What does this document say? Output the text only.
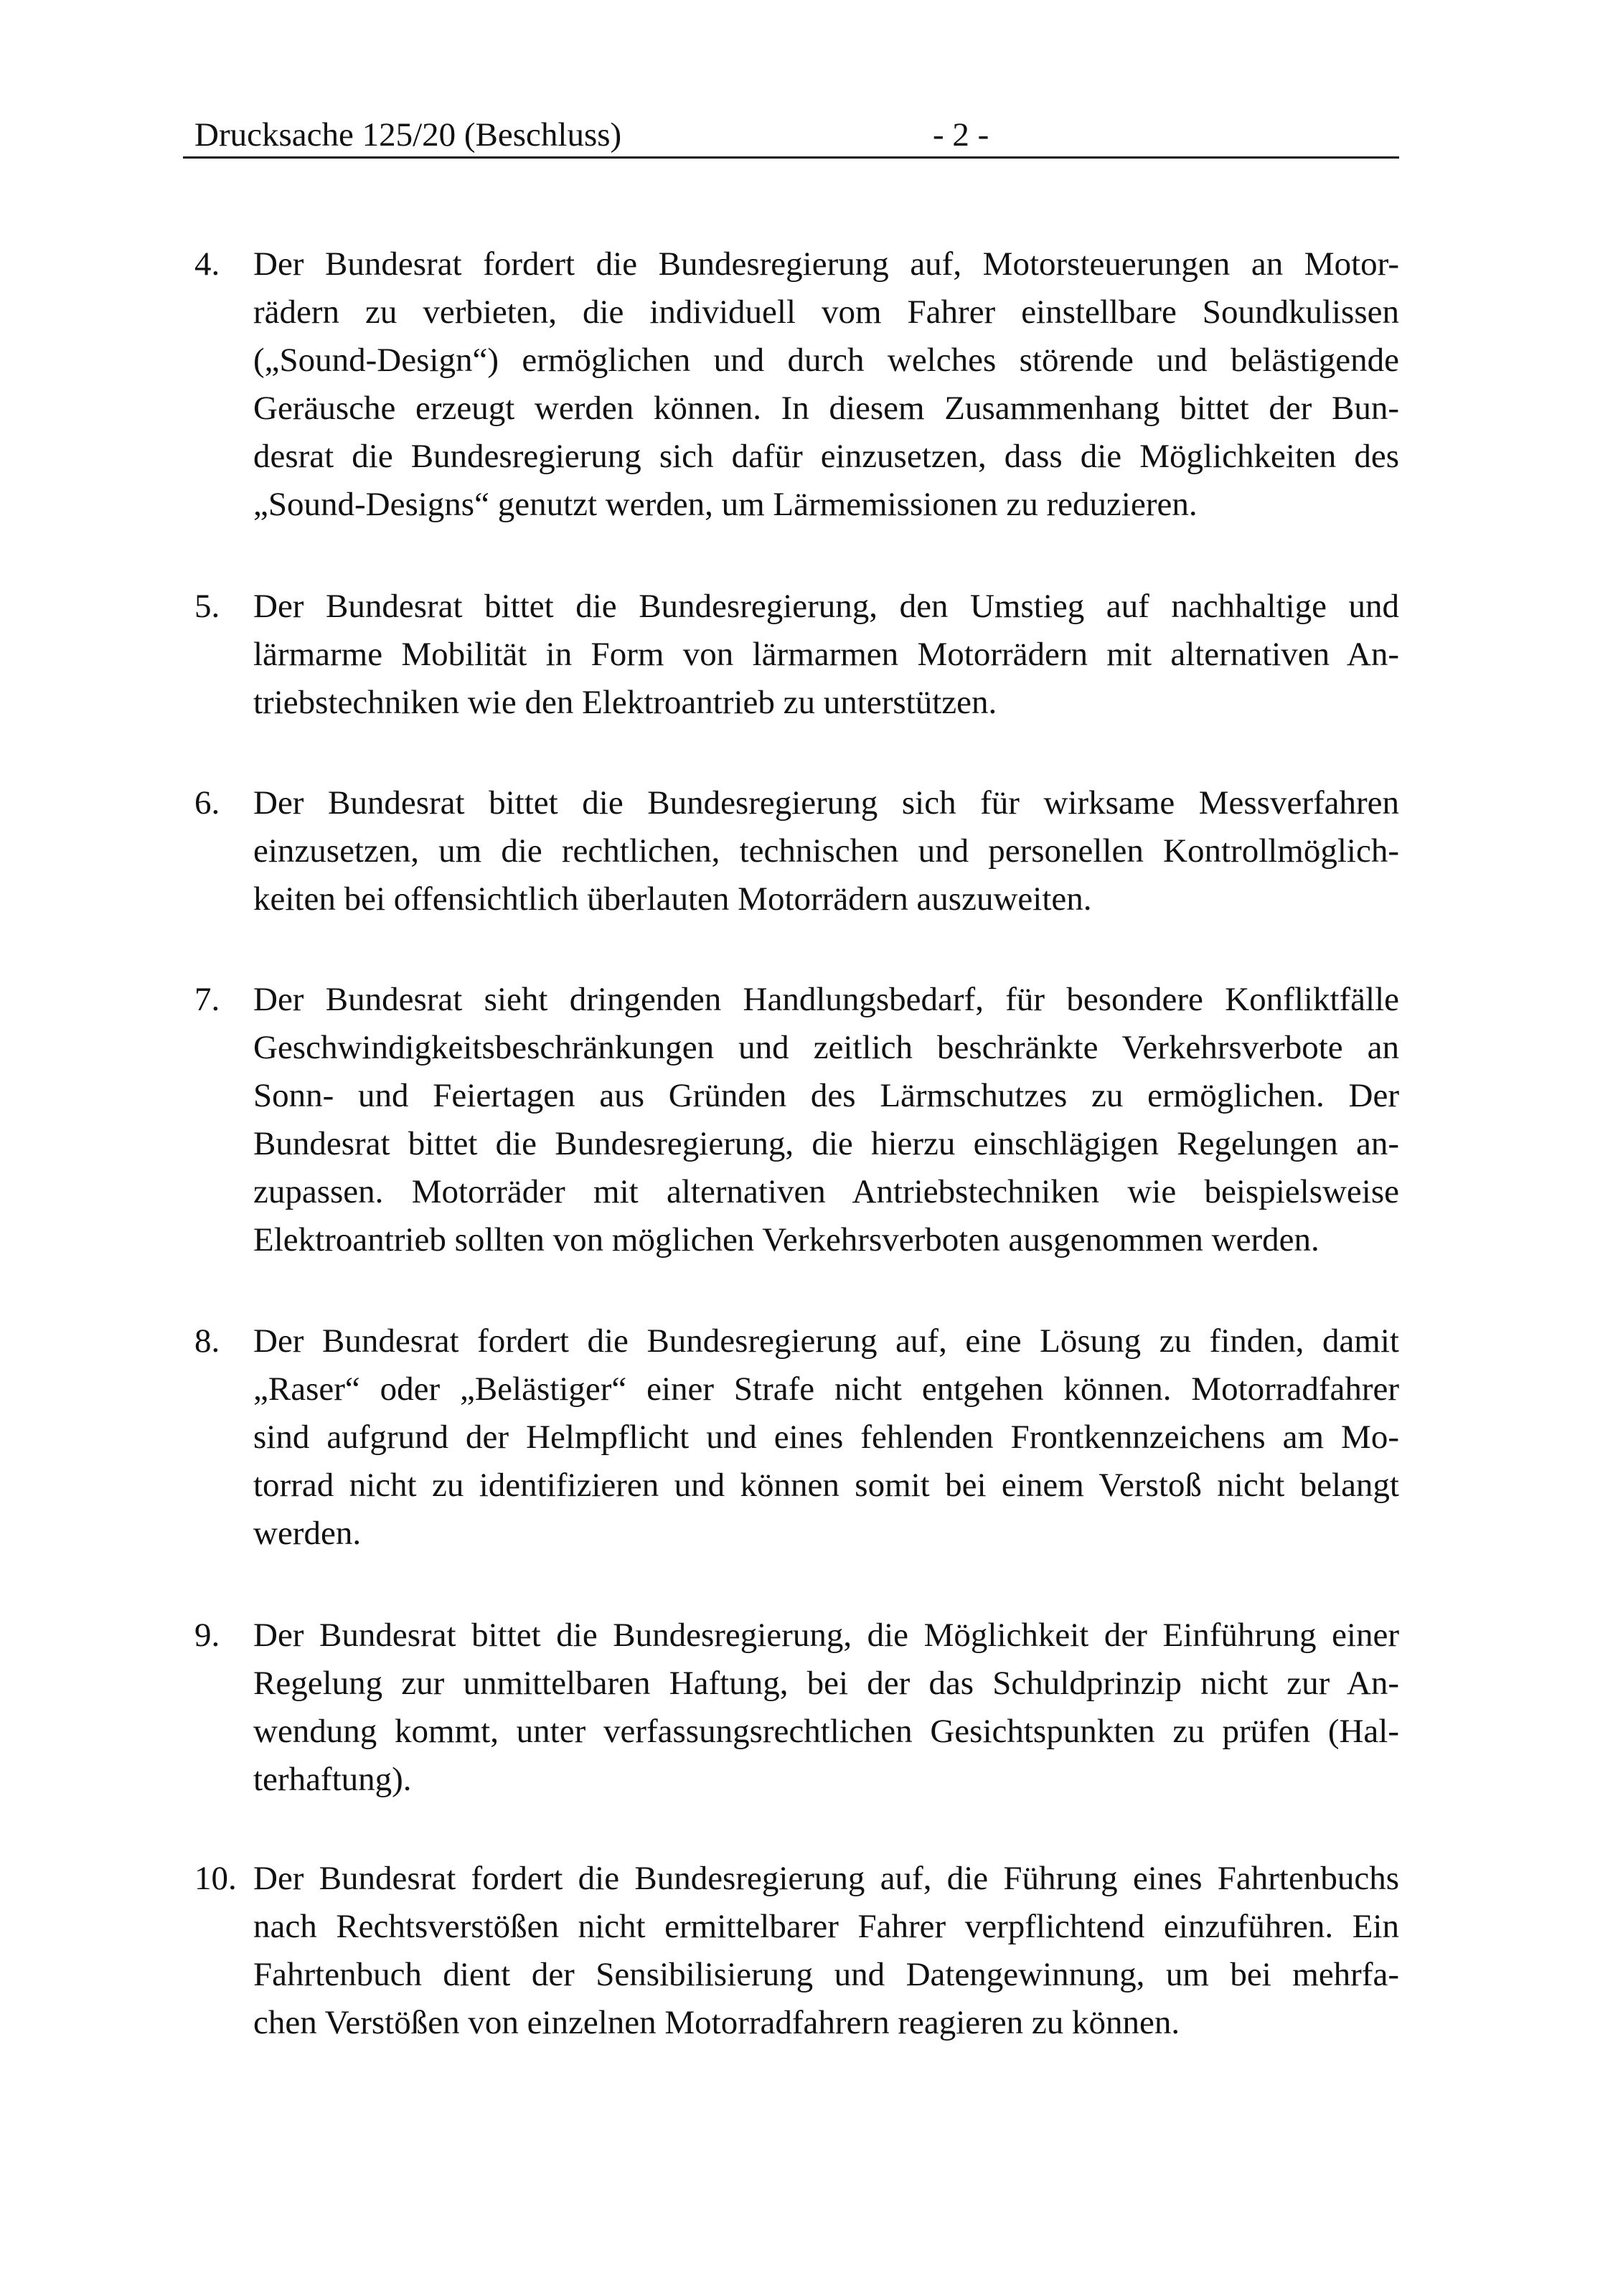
Drucksache 125/20 (Beschluss)	- 2 -
4. Der Bundesrat fordert die Bundesregierung auf, Motorsteuerungen an Motor-
rädern zu verbieten, die individuell vom Fahrer einstellbare Soundkulissen
(„Sound-Design“) ermöglichen und durch welches störende und belästigende
Geräusche erzeugt werden können. In diesem Zusammenhang bittet der Bun-
desrat die Bundesregierung sich dafür einzusetzen, dass die Möglichkeiten des
„Sound-Designs“ genutzt werden, um Lärmemissionen zu reduzieren.
5. Der Bundesrat bittet die Bundesregierung, den Umstieg auf nachhaltige und
lärmarme Mobilität in Form von lärmarmen Motorrädern mit alternativen An-
triebstechniken wie den Elektroantrieb zu unterstützen.
6. Der Bundesrat bittet die Bundesregierung sich für wirksame Messverfahren
einzusetzen, um die rechtlichen, technischen und personellen Kontrollmöglich-
keiten bei offensichtlich überlauten Motorrädern auszuweiten.
7. Der Bundesrat sieht dringenden Handlungsbedarf, für besondere Konfliktfälle
Geschwindigkeitsbeschränkungen und zeitlich beschränkte Verkehrsverbote an
Sonn- und Feiertagen aus Gründen des Lärmschutzes zu ermöglichen. Der
Bundesrat bittet die Bundesregierung, die hierzu einschlägigen Regelungen an-
zupassen. Motorräder mit alternativen Antriebstechniken wie beispielsweise
Elektroantrieb sollten von möglichen Verkehrsverboten ausgenommen werden.
8. Der Bundesrat fordert die Bundesregierung auf, eine Lösung zu finden, damit
„Raser“ oder „Belästiger“ einer Strafe nicht entgehen können. Motorradfahrer
sind aufgrund der Helmpflicht und eines fehlenden Frontkennzeichens am Mo-
torrad nicht zu identifizieren und können somit bei einem Verstoß nicht belangt
werden.
9. Der Bundesrat bittet die Bundesregierung, die Möglichkeit der Einführung einer
Regelung zur unmittelbaren Haftung, bei der das Schuldprinzip nicht zur An-
wendung kommt, unter verfassungsrechtlichen Gesichtspunkten zu prüfen (Hal-
terhaftung).
10. Der Bundesrat fordert die Bundesregierung auf, die Führung eines Fahrtenbuchs
nach Rechtsverstößen nicht ermittelbarer Fahrer verpflichtend einzuführen. Ein
Fahrtenbuch dient der Sensibilisierung und Datengewinnung, um bei mehrfa-
chen Verstößen von einzelnen Motorradfahrern reagieren zu können.
